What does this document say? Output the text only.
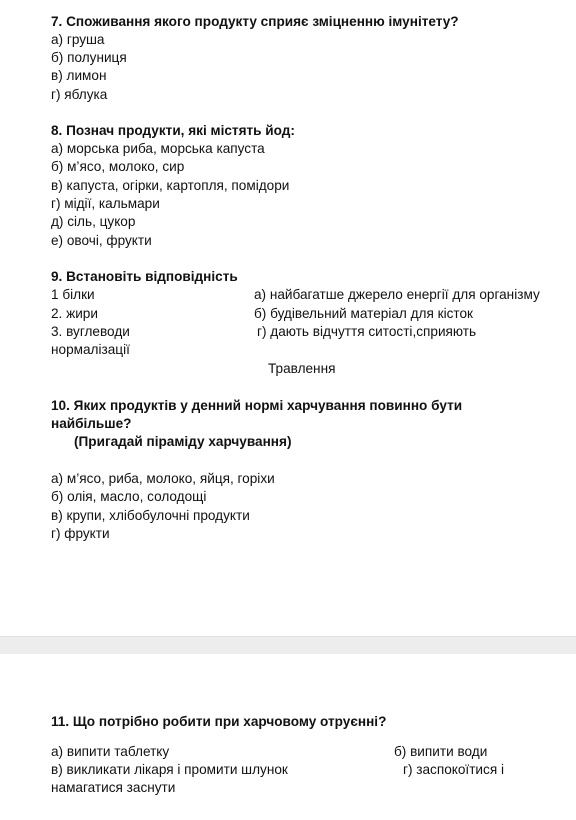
7. Споживання якого продукту сприяє зміцненню імунітету?
а) груша
б) полуниця
в) лимон
г) яблука
8. Познач продукти, які містять йод:
а) морська риба, морська капуста
б) м’ясо, молоко, сир
в) капуста, огірки, картопля, помідори
г) мідії, кальмари
д) сіль, цукор
е) овочі, фрукти
9. Встановіть відповідність
1 білки	а) найбагатше джерело енергії для організму
2. жири	б) будівельний матеріал для кісток
3. вуглеводи	г) дають відчуття ситості,сприяють
нормалізації
Травлення
10. Яких продуктів у денний нормі харчування повинно бути
найбільше?
(Пригадай піраміду харчування)
а) м’ясо, риба, молоко, яйця, горіхи
б) олія, масло, солодощі
в) крупи, хлібобулочні продукти
г) фрукти
11. Що потрібно робити при харчовому отруєнні?
а) випити таблетку	б) випити води
в) викликати лікаря і промити шлунок	г) заспокоїтися і
намагатися заснути
